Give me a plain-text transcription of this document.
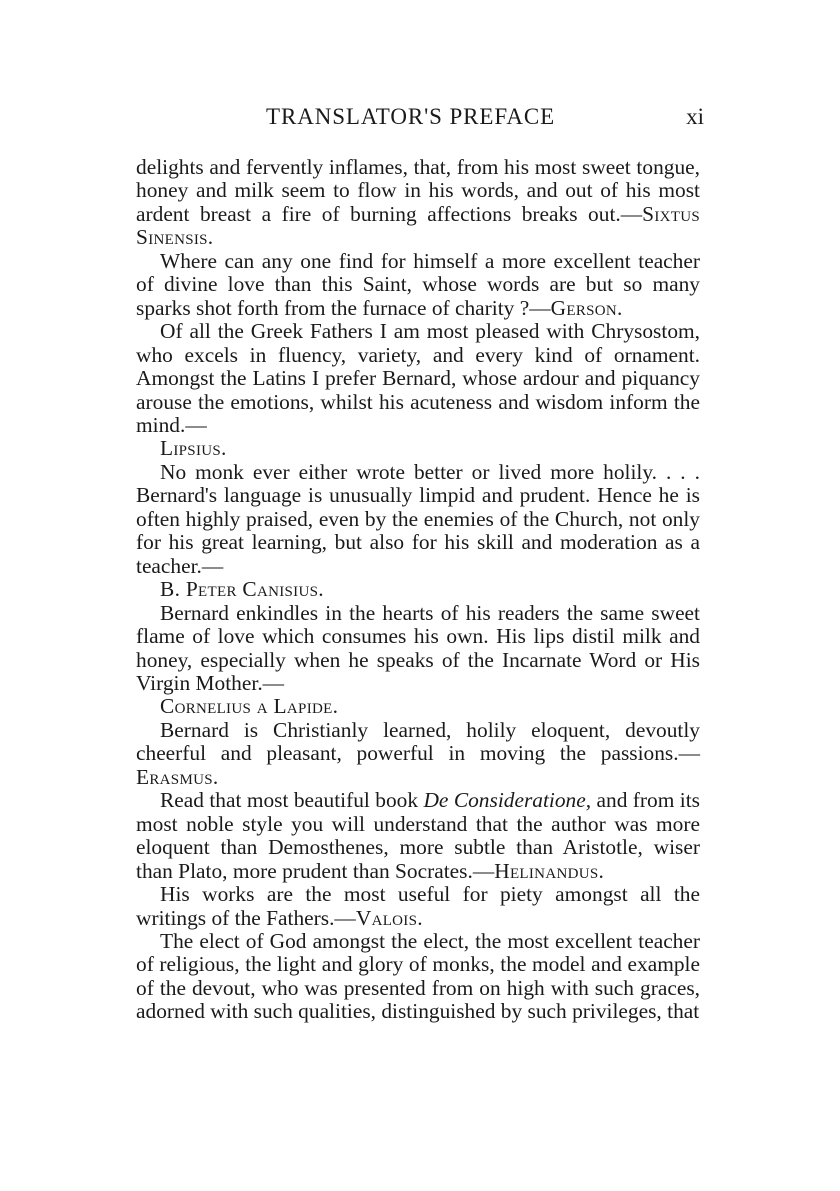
TRANSLATOR'S PREFACE	xi

delights and fervently inflames, that, from his most sweet tongue, honey and milk seem to flow in his words, and out of his most ardent breast a fire of burning affections breaks out.—Sixtus Sinensis.

Where can any one find for himself a more excellent teacher of divine love than this Saint, whose words are but so many sparks shot forth from the furnace of charity ?—Gerson.

Of all the Greek Fathers I am most pleased with Chrysostom, who excels in fluency, variety, and every kind of ornament. Amongst the Latins I prefer Bernard, whose ardour and piquancy arouse the emotions, whilst his acuteness and wisdom inform the mind.—
Lipsius.

No monk ever either wrote better or lived more holily. . . . Bernard's language is unusually limpid and prudent. Hence he is often highly praised, even by the enemies of the Church, not only for his great learning, but also for his skill and moderation as a teacher.—
B. Peter Canisius.

Bernard enkindles in the hearts of his readers the same sweet flame of love which consumes his own. His lips distil milk and honey, especially when he speaks of the Incarnate Word or His Virgin Mother.—
Cornelius a Lapide.

Bernard is Christianly learned, holily eloquent, devoutly cheerful and pleasant, powerful in moving the passions.—Erasmus.

Read that most beautiful book De Consideratione, and from its most noble style you will understand that the author was more eloquent than Demosthenes, more subtle than Aristotle, wiser than Plato, more prudent than Socrates.—Helinandus.

His works are the most useful for piety amongst all the writings of the Fathers.—Valois.

The elect of God amongst the elect, the most excellent teacher of religious, the light and glory of monks, the model and example of the devout, who was presented from on high with such graces, adorned with such qualities, distinguished by such privileges, that
